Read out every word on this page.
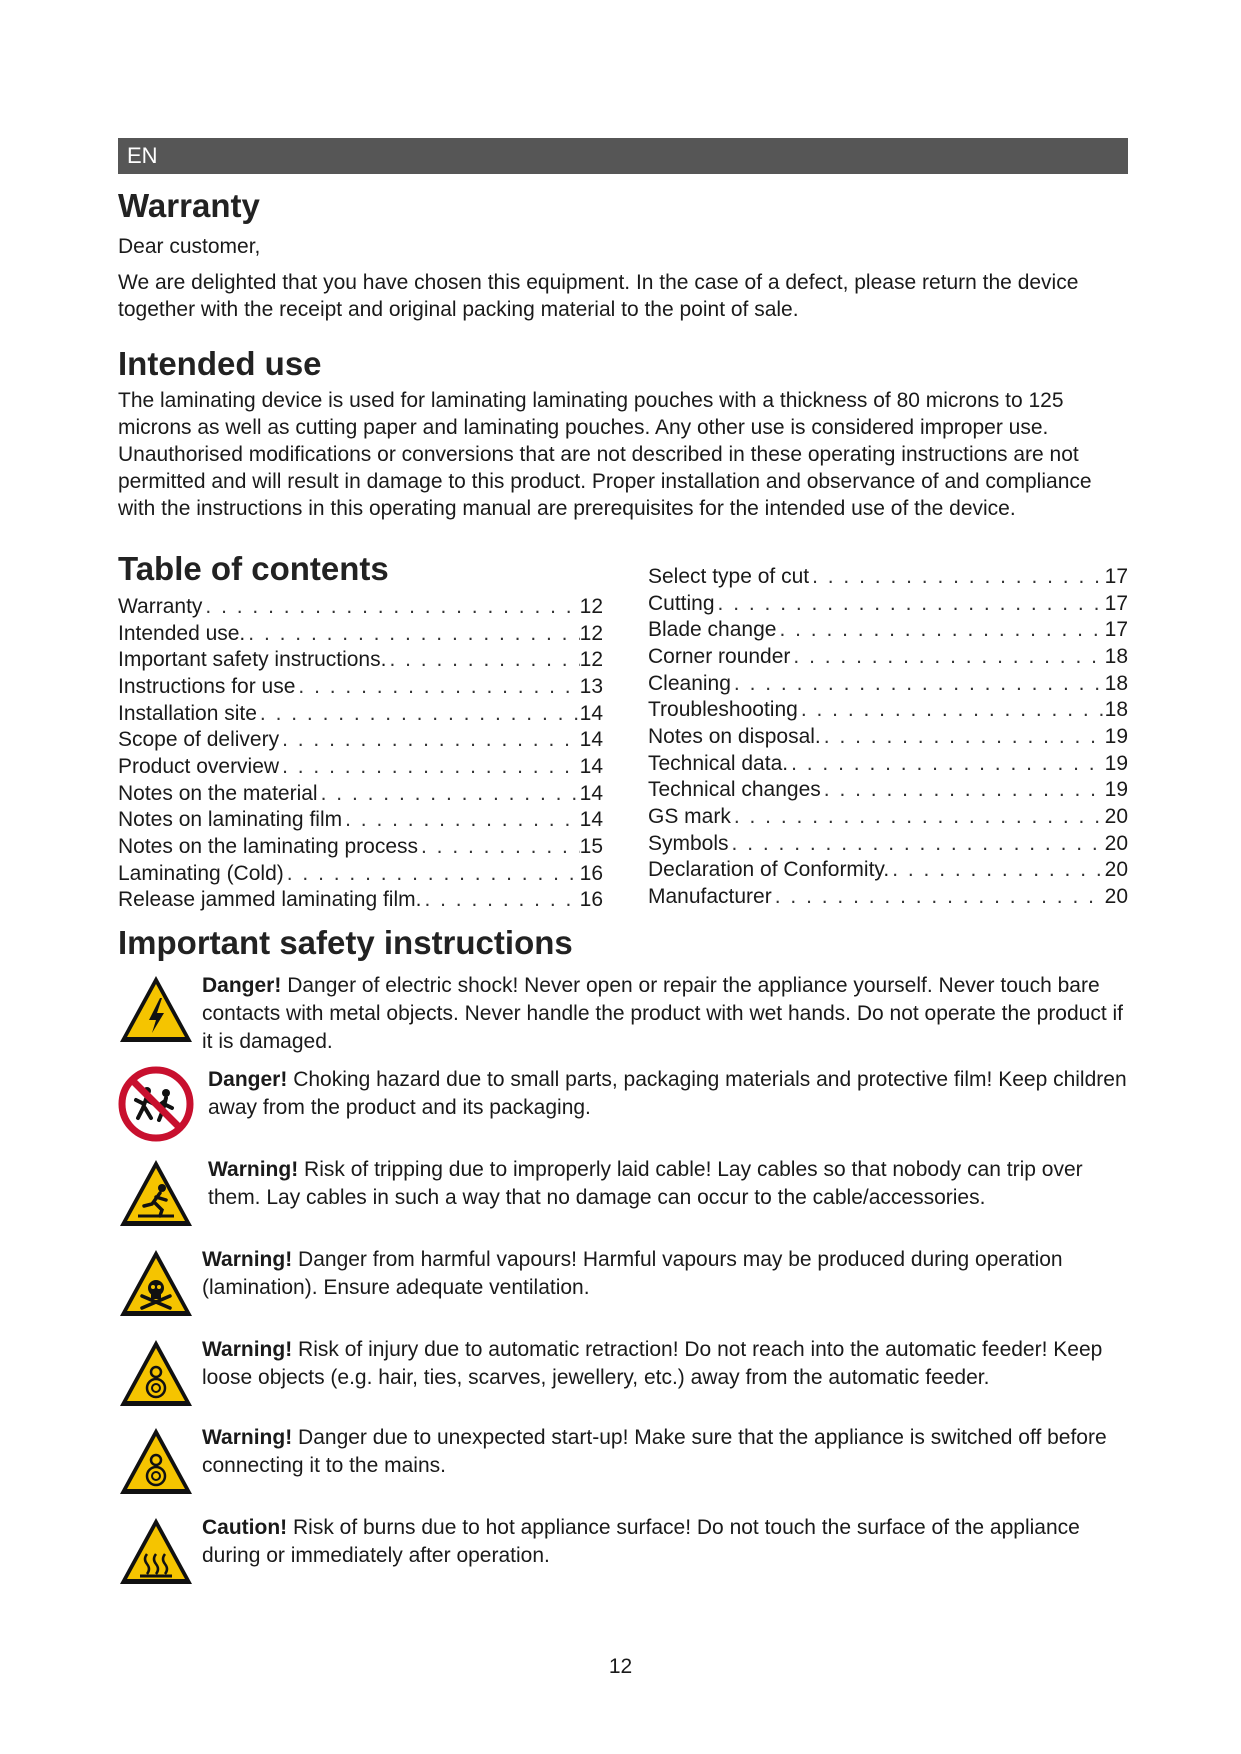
EN
Warranty

Dear customer,

We are delighted that you have chosen this equipment. In the case of a defect, please return the device together with the receipt and original packing material to the point of sale.

Intended use

The laminating device is used for laminating laminating pouches with a thickness of 80 microns to 125 microns as well as cutting paper and laminating pouches. Any other use is considered improper use. Unauthorised modifications or conversions that are not described in these operating instructions are not permitted and will result in damage to this product. Proper installation and observance of and compliance with the instructions in this operating manual are prerequisites for the intended use of the device.

Table of contents
Warranty . . .	12
Intended use. . . .	12
Important safety instructions. . . .	12
Instructions for use . . .	13
Installation site . . .	14
Scope of delivery . . .	14
Product overview . . .	14
Notes on the material . . .	14
Notes on laminating film . . .	14
Notes on the laminating process . . .	15
Laminating (Cold) . . .	16
Release jammed laminating film. . . .	16
Select type of cut . . .	17
Cutting . . .	17
Blade change . . .	17
Corner rounder . . .	18
Cleaning . . .	18
Troubleshooting . . .	18
Notes on disposal. . . .	19
Technical data. . . .	19
Technical changes . . .	19
GS mark . . .	20
Symbols . . .	20
Declaration of Conformity. . . .	20
Manufacturer . . .	20
Important safety instructions
Danger! Danger of electric shock! Never open or repair the appliance yourself. Never touch bare contacts with metal objects. Never handle the product with wet hands. Do not operate the product if it is damaged.
Danger! Choking hazard due to small parts, packaging materials and protective film! Keep children away from the product and its packaging.
Warning! Risk of tripping due to improperly laid cable! Lay cables so that nobody can trip over them. Lay cables in such a way that no damage can occur to the cable/accessories.
Warning! Danger from harmful vapours! Harmful vapours may be produced during operation (lamination). Ensure adequate ventilation.
Warning! Risk of injury due to automatic retraction! Do not reach into the automatic feeder! Keep loose objects (e.g. hair, ties, scarves, jewellery, etc.) away from the automatic feeder.
Warning! Danger due to unexpected start-up! Make sure that the appliance is switched off before connecting it to the mains.
Caution! Risk of burns due to hot appliance surface! Do not touch the surface of the appliance during or immediately after operation.
12
